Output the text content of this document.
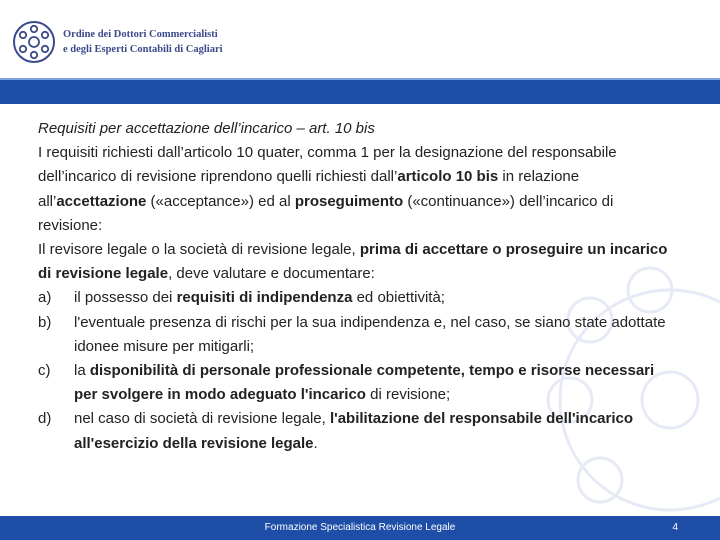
Ordine dei Dottori Commercialisti
e degli Esperti Contabili di Cagliari

Requisiti per accettazione dell’incarico – art. 10 bis

I requisiti richiesti dall’articolo 10 quater, comma 1 per la designazione del responsabile dell’incarico di revisione riprendono quelli richiesti dall’articolo 10 bis in relazione all’accettazione («acceptance») ed al proseguimento («continuance») dell’incarico di revisione:

Il revisore legale o la società di revisione legale, prima di accettare o proseguire un incarico di revisione legale, deve valutare e documentare:

a)	il possesso dei requisiti di indipendenza ed obiettività;
b)	l'eventuale presenza di rischi per la sua indipendenza e, nel caso, se siano state adottate idonee misure per mitigarli;
c)	la disponibilità di personale professionale competente, tempo e risorse necessari per svolgere in modo adeguato l'incarico di revisione;
d)	nel caso di società di revisione legale, l'abilitazione del responsabile dell'incarico all'esercizio della revisione legale.
Formazione Specialistica Revisione Legale	4
